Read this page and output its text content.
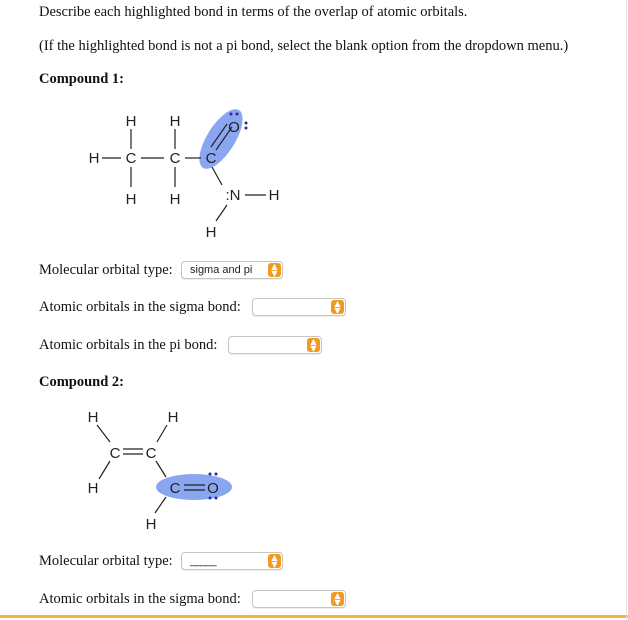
Describe each highlighted bond in terms of the overlap of atomic orbitals.
(If the highlighted bond is not a pi bond, select the blank option from the dropdown menu.)
Compound 1:
H H
H C C C
H H
O
:N H
H
Molecular orbital type: sigma and pi	▲
▼
Atomic orbitals in the sigma bond:	▲
▼
Atomic orbitals in the pi bond:	▲
▼
Compound 2:
H	H
C C
H	C O
H
Molecular orbital type: _____	▲
▼
Atomic orbitals in the sigma bond:	▲
▼
